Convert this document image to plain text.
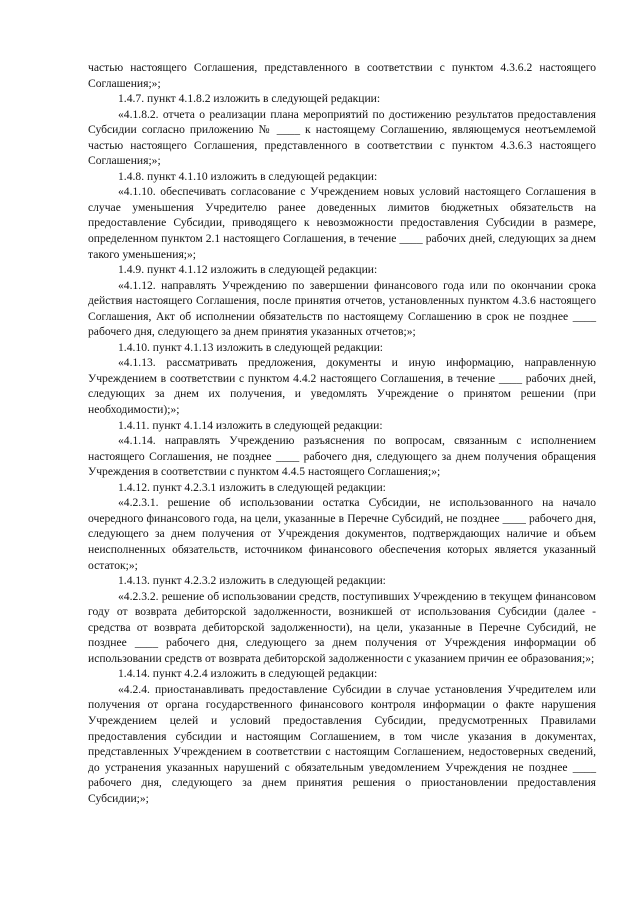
частью настоящего Соглашения, представленного в соответствии с пунктом 4.3.6.2 настоящего Соглашения;»;

1.4.7. пункт 4.1.8.2 изложить в следующей редакции:

«4.1.8.2. отчета о реализации плана мероприятий по достижению результатов предоставления Субсидии согласно приложению № ____ к настоящему Соглашению, являющемуся неотъемлемой частью настоящего Соглашения, представленного в соответствии с пунктом 4.3.6.3 настоящего Соглашения;»;

1.4.8. пункт 4.1.10 изложить в следующей редакции:

«4.1.10. обеспечивать согласование с Учреждением новых условий настоящего Соглашения в случае уменьшения Учредителю ранее доведенных лимитов бюджетных обязательств на предоставление Субсидии, приводящего к невозможности предоставления Субсидии в размере, определенном пунктом 2.1 настоящего Соглашения, в течение ____ рабочих дней, следующих за днем такого уменьшения;»;

1.4.9. пункт 4.1.12 изложить в следующей редакции:

«4.1.12. направлять Учреждению по завершении финансового года или по окончании срока действия настоящего Соглашения, после принятия отчетов, установленных пунктом 4.3.6 настоящего Соглашения, Акт об исполнении обязательств по настоящему Соглашению в срок не позднее ____ рабочего дня, следующего за днем принятия указанных отчетов;»;

1.4.10. пункт 4.1.13 изложить в следующей редакции:

«4.1.13. рассматривать предложения, документы и иную информацию, направленную Учреждением в соответствии с пунктом 4.4.2 настоящего Соглашения, в течение ____ рабочих дней, следующих за днем их получения, и уведомлять Учреждение о принятом решении (при необходимости);»;

1.4.11. пункт 4.1.14 изложить в следующей редакции:

«4.1.14. направлять Учреждению разъяснения по вопросам, связанным с исполнением настоящего Соглашения, не позднее ____ рабочего дня, следующего за днем получения обращения Учреждения в соответствии с пунктом 4.4.5 настоящего Соглашения;»;

1.4.12. пункт 4.2.3.1 изложить в следующей редакции:

«4.2.3.1. решение об использовании остатка Субсидии, не использованного на начало очередного финансового года, на цели, указанные в Перечне Субсидий, не позднее ____ рабочего дня, следующего за днем получения от Учреждения документов, подтверждающих наличие и объем неисполненных обязательств, источником финансового обеспечения которых является указанный остаток;»;

1.4.13. пункт 4.2.3.2 изложить в следующей редакции:

«4.2.3.2. решение об использовании средств, поступивших Учреждению в текущем финансовом году от возврата дебиторской задолженности, возникшей от использования Субсидии (далее - средства от возврата дебиторской задолженности), на цели, указанные в Перечне Субсидий, не позднее ____ рабочего дня, следующего за днем получения от Учреждения информации об использовании средств от возврата дебиторской задолженности с указанием причин ее образования;»;

1.4.14. пункт 4.2.4 изложить в следующей редакции:

«4.2.4. приостанавливать предоставление Субсидии в случае установления Учредителем или получения от органа государственного финансового контроля информации о факте нарушения Учреждением целей и условий предоставления Субсидии, предусмотренных Правилами предоставления субсидии и настоящим Соглашением, в том числе указания в документах, представленных Учреждением в соответствии с настоящим Соглашением, недостоверных сведений, до устранения указанных нарушений с обязательным уведомлением Учреждения не позднее ____ рабочего дня, следующего за днем принятия решения о приостановлении предоставления Субсидии;»;
